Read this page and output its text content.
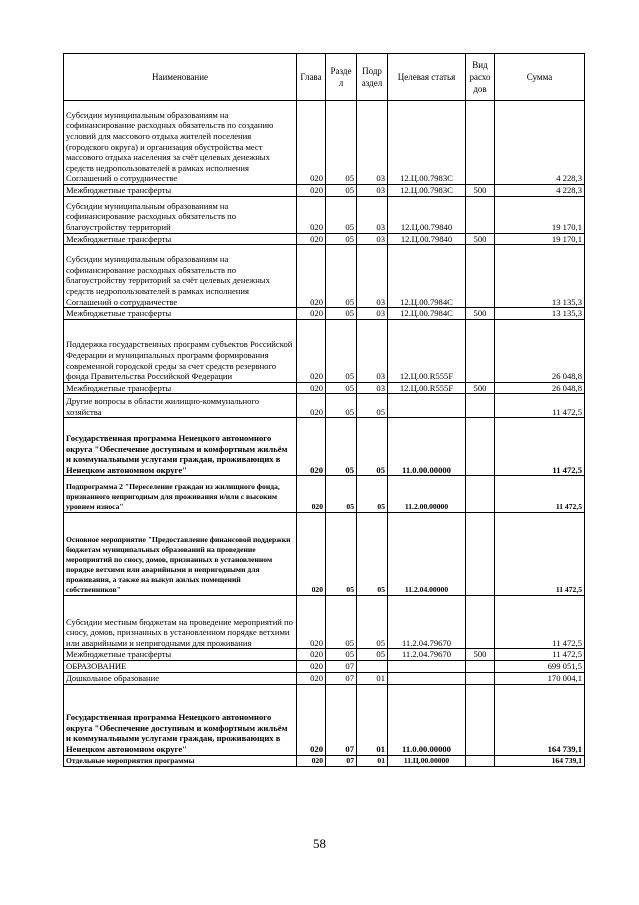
Наименование	Глава	Разде л	Подр аздел	Целевая статья	Вид расхо дов	Сумма
Субсидии муниципальным образованиям на софинансирование расходных обязательств по созданию условий для массового отдыха жителей поселения (городского округа) и организация обустройства мест массового отдыха населения за счёт целевых денежных средств недропользователей в рамках исполнения Соглашений о сотрудничестве	020	05	03	12.Ц.00.7983С		4 228,3
Межбюджетные трансферты	020	05	03	12.Ц.00.7983С	500	4 228,3
Субсидии муниципальным образованиям на софинансирование расходных обязательств по благоустройству территорий	020	05	03	12.Ц.00.79840		19 170,1
Межбюджетные трансферты	020	05	03	12.Ц.00.79840	500	19 170,1
Субсидии муниципальным образованиям на софинансирование расходных обязательств по благоустройству территорий за счёт целевых денежных средств недропользователей в рамках исполнения Соглашений о сотрудничестве	020	05	03	12.Ц.00.7984С		13 135,3
Межбюджетные трансферты	020	05	03	12.Ц.00.7984С	500	13 135,3
Поддержка государственных программ субъектов Российской Федерации и муниципальных программ формирования современной городской среды за счет средств резервного фонда Правительства Российской Федерации	020	05	03	12.Ц.00.R555F		26 048,8
Межбюджетные трансферты	020	05	03	12.Ц.00.R555F	500	26 048,8
Другие вопросы в области жилищно-коммунального хозяйства	020	05	05			11 472,5
Государственная программа Ненецкого автономного округа "Обеспечение доступным и комфортным жильём и коммунальными услугами граждан, проживающих в Ненецком автономном округе"	020	05	05	11.0.00.00000		11 472,5
Подпрограмма 2 "Переселение граждан из жилищного фонда, признанного непригодным для проживания и/или с высоким уровнем износа"	020	05	05	11.2.00.00000		11 472,5
Основное мероприятие "Предоставление финансовой поддержки бюджетам муниципальных образований на проведение мероприятий по сносу, домов, признанных в установленном порядке ветхими или аварийными и непригодными для проживания, а также на выкуп жилых помещений собственников"	020	05	05	11.2.04.00000		11 472,5
Субсидии местным бюджетам на проведение мероприятий по сносу, домов, признанных в установленном порядке ветхими или аварийными и непригодными для проживания	020	05	05	11.2.04.79670		11 472,5
Межбюджетные трансферты	020	05	05	11.2.04.79670	500	11 472,5
ОБРАЗОВАНИЕ	020	07				699 051,5
Дошкольное образование	020	07	01			170 004,1
Государственная программа Ненецкого автономного округа "Обеспечение доступным и комфортным жильём и коммунальными услугами граждан, проживающих в Ненецком автономном округе"	020	07	01	11.0.00.00000		164 739,1
Отдельные мероприятия программы	020	07	01	11.Ц.00.00000		164 739,1
58
